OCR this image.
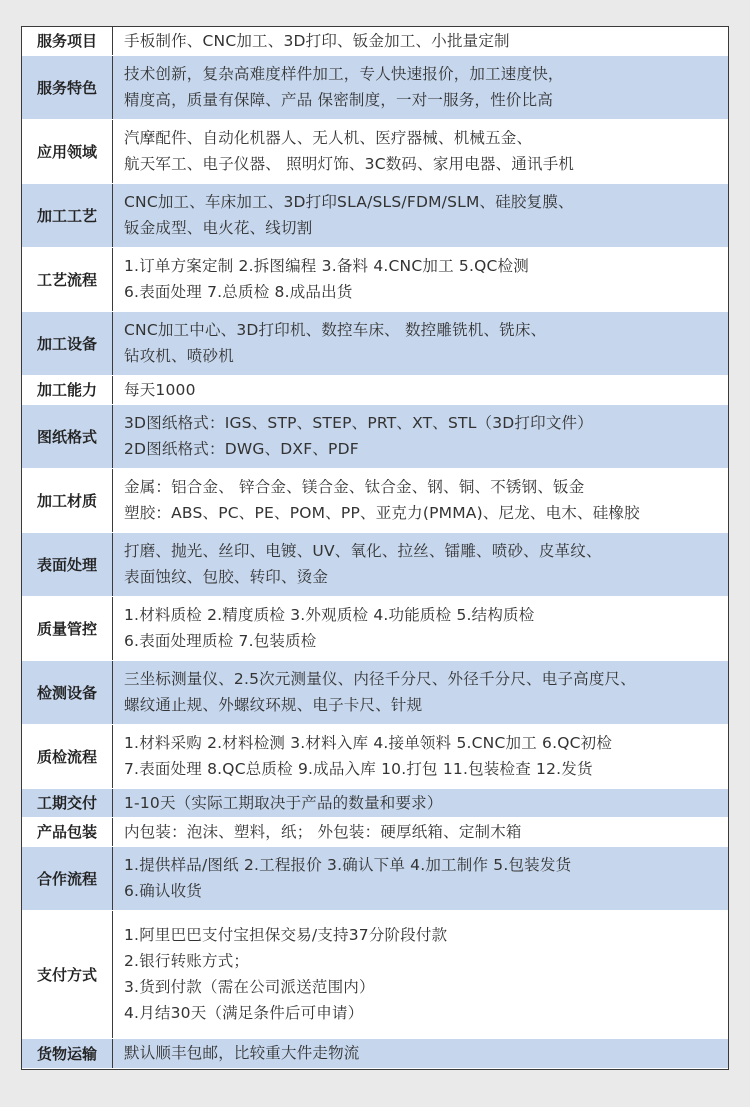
服务项目	手板制作、CNC加工、3D打印、钣金加工、小批量定制

服务特色	技术创新，复杂高难度样件加工，专人快速报价，加工速度快，
精度高，质量有保障、产品 保密制度，一对一服务，性价比高

应用领域	汽摩配件、自动化机器人、无人机、医疗器械、机械五金、
航天军工、电子仪器、 照明灯饰、3C数码、家用电器、通讯手机

加工工艺	CNC加工、车床加工、3D打印SLA/SLS/FDM/SLM、硅胶复膜、
钣金成型、电火花、线切割

工艺流程	1.订单方案定制 2.拆图编程 3.备料 4.CNC加工 5.QC检测
6.表面处理 7.总质检 8.成品出货

加工设备	CNC加工中心、3D打印机、数控车床、 数控雕铣机、铣床、
钻攻机、喷砂机

加工能力	每天1000

图纸格式	3D图纸格式：IGS、STP、STEP、PRT、XT、STL（3D打印文件）
2D图纸格式：DWG、DXF、PDF

加工材质	金属：铝合金、 锌合金、镁合金、钛合金、钢、铜、不锈钢、钣金
塑胶：ABS、PC、PE、POM、PP、亚克力(PMMA)、尼龙、电木、硅橡胶

表面处理	打磨、抛光、丝印、电镀、UV、氧化、拉丝、镭雕、喷砂、皮革纹、
表面蚀纹、包胶、转印、烫金

质量管控	1.材料质检 2.精度质检 3.外观质检 4.功能质检 5.结构质检
6.表面处理质检 7.包装质检

检测设备	三坐标测量仪、2.5次元测量仪、内径千分尺、外径千分尺、电子高度尺、
螺纹通止规、外螺纹环规、电子卡尺、针规

质检流程	1.材料采购 2.材料检测 3.材料入库 4.接单领料 5.CNC加工 6.QC初检
7.表面处理 8.QC总质检 9.成品入库 10.打包 11.包装检查 12.发货

工期交付	1-10天（实际工期取决于产品的数量和要求）

产品包装	内包装：泡沫、塑料，纸； 外包装：硬厚纸箱、定制木箱

合作流程	1.提供样品/图纸 2.工程报价 3.确认下单 4.加工制作 5.包装发货
6.确认收货

支付方式	1.阿里巴巴支付宝担保交易/支持37分阶段付款
2.银行转账方式；
3.货到付款（需在公司派送范围内）
4.月结30天（满足条件后可申请）

货物运输	默认顺丰包邮，比较重大件走物流
